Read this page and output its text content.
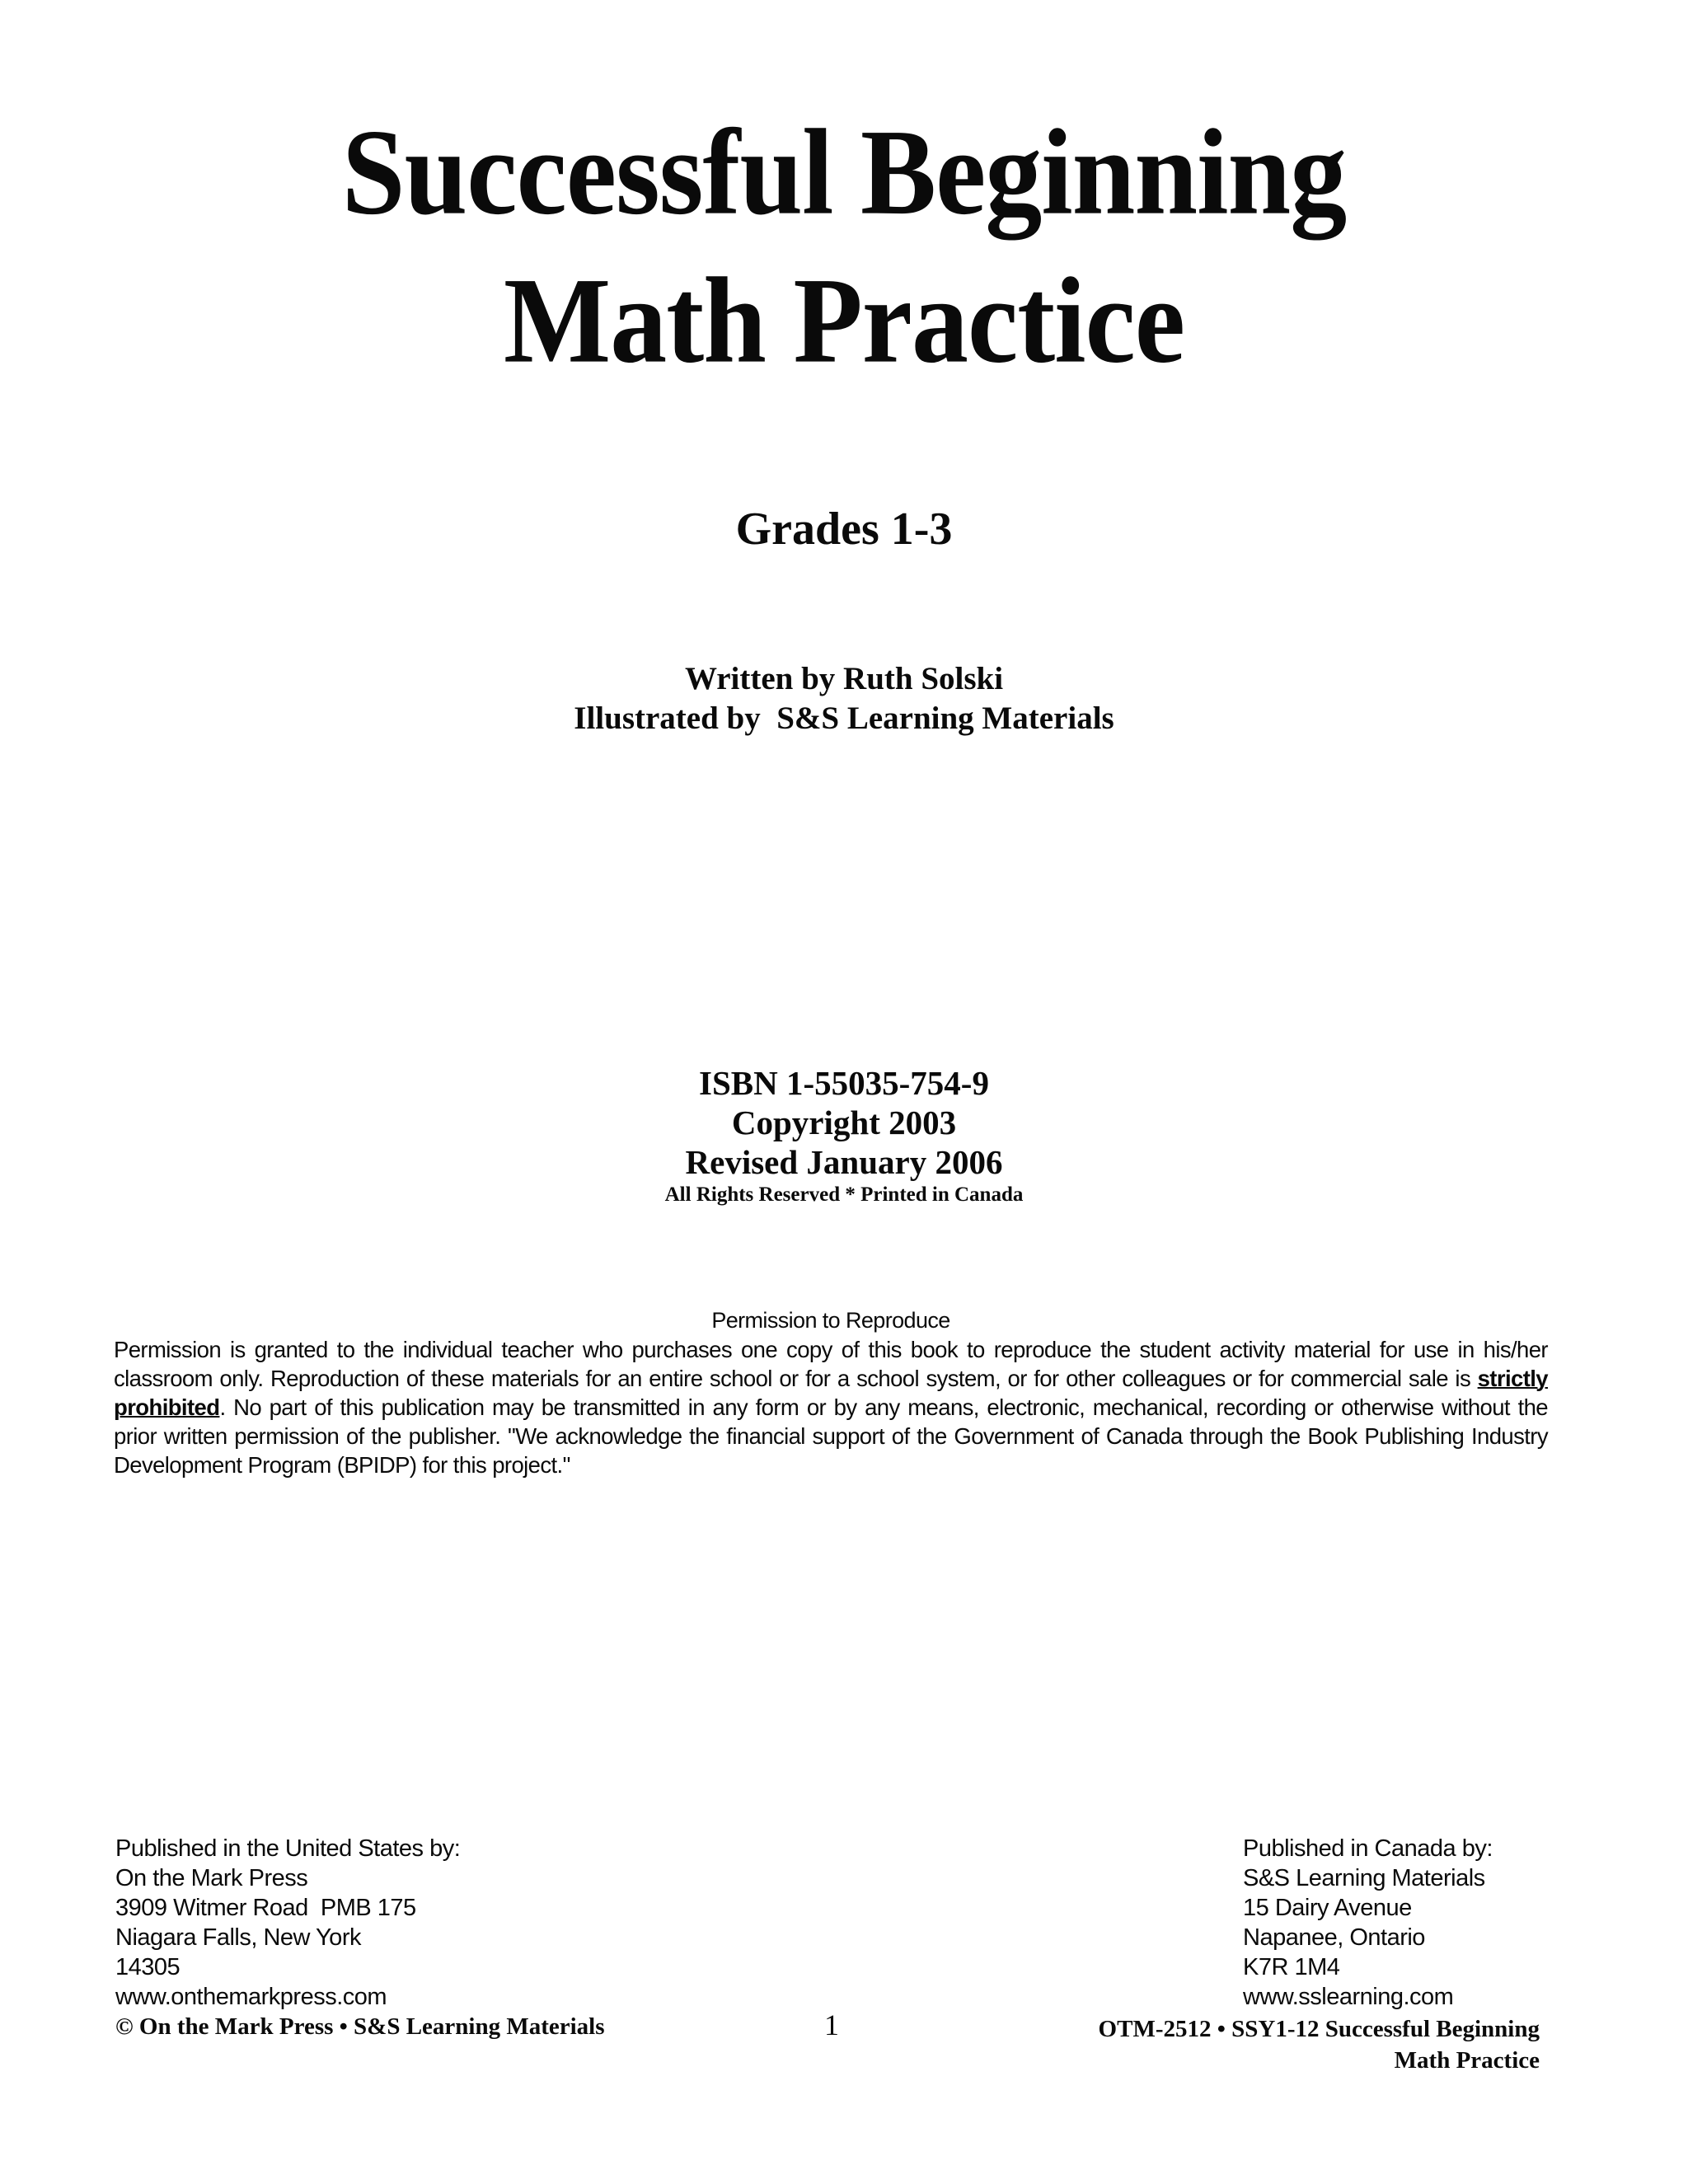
Successful Beginning
Math Practice
Grades 1-3
Written by Ruth Solski
Illustrated by  S&S Learning Materials
ISBN 1-55035-754-9
Copyright 2003
Revised January 2006
All Rights Reserved * Printed in Canada
Permission to Reproduce
Permission is granted to the individual teacher who purchases one copy of this book to reproduce the student activity material for use in his/her classroom only. Reproduction of these materials for an entire school or for a school system, or for other colleagues or for commercial sale is strictly prohibited. No part of this publication may be transmitted in any form or by any means, electronic, mechanical, recording or otherwise without the prior written permission of the publisher. "We acknowledge the financial support of the Government of Canada through the Book Publishing Industry Development Program (BPIDP) for this project."
Published in the United States by:
On the Mark Press
3909 Witmer Road  PMB 175
Niagara Falls, New York
14305
www.onthemarkpress.com
Published in Canada by:
S&S Learning Materials
15 Dairy Avenue
Napanee, Ontario
K7R 1M4
www.sslearning.com
© On the Mark Press • S&S Learning Materials	1	OTM-2512 • SSY1-12 Successful Beginning
Math Practice
